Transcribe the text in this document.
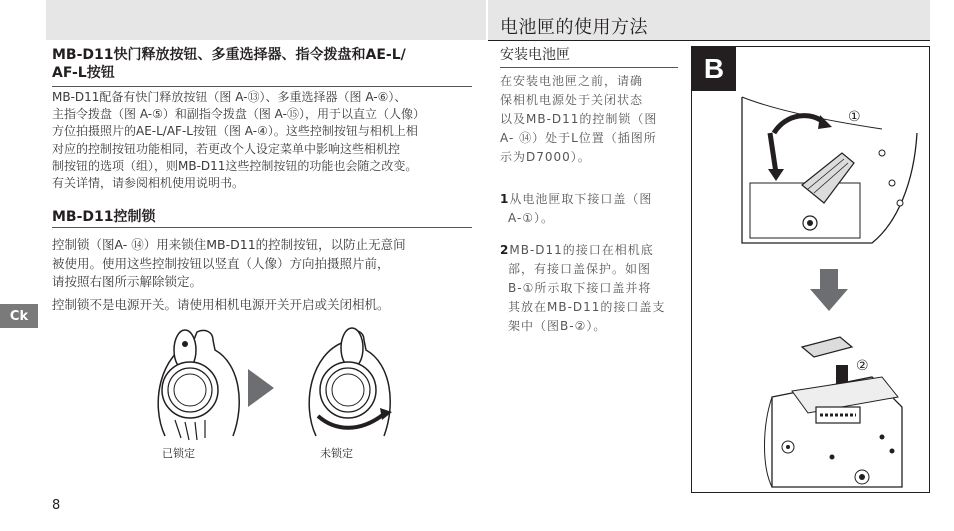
电池匣的使用方法
MB-D11快门释放按钮、多重选择器、指令拨盘和AE-L/
AF-L按钮
MB-D11配备有快门释放按钮（图 A-⑬）、多重选择器（图 A-⑥）、
主指令拨盘（图 A-⑤）和副指令拨盘（图 A-⑮），用于以直立（人像）
方位拍摄照片的AE-L/AF-L按钮（图 A-④）。这些控制按钮与相机上相
对应的控制按钮功能相同，若更改个人设定菜单中影响这些相机控
制按钮的选项（组），则MB-D11这些控制按钮的功能也会随之改变。
有关详情，请参阅相机使用说明书。
MB-D11控制锁
控制锁（图A- ⑭）用来锁住MB-D11的控制按钮，以防止无意间
被使用。使用这些控制按钮以竖直（人像）方向拍摄照片前，
请按照右图所示解除锁定。
控制锁不是电源开关。请使用相机电源开关开启或关闭相机。
已锁定	未锁定
Ck
8
安装电池匣
在安装电池匣之前，请确
保相机电源处于关闭状态
以及MB-D11的控制锁（图
A- ⑭）处于L位置（插图所
示为D7000）。
1从电池匣取下接口盖（图
A-①）。
2MB-D11的接口在相机底
部，有接口盖保护。如图
B-①所示取下接口盖并将
其放在MB-D11的接口盖支
架中（图B-②）。
B
①
②
